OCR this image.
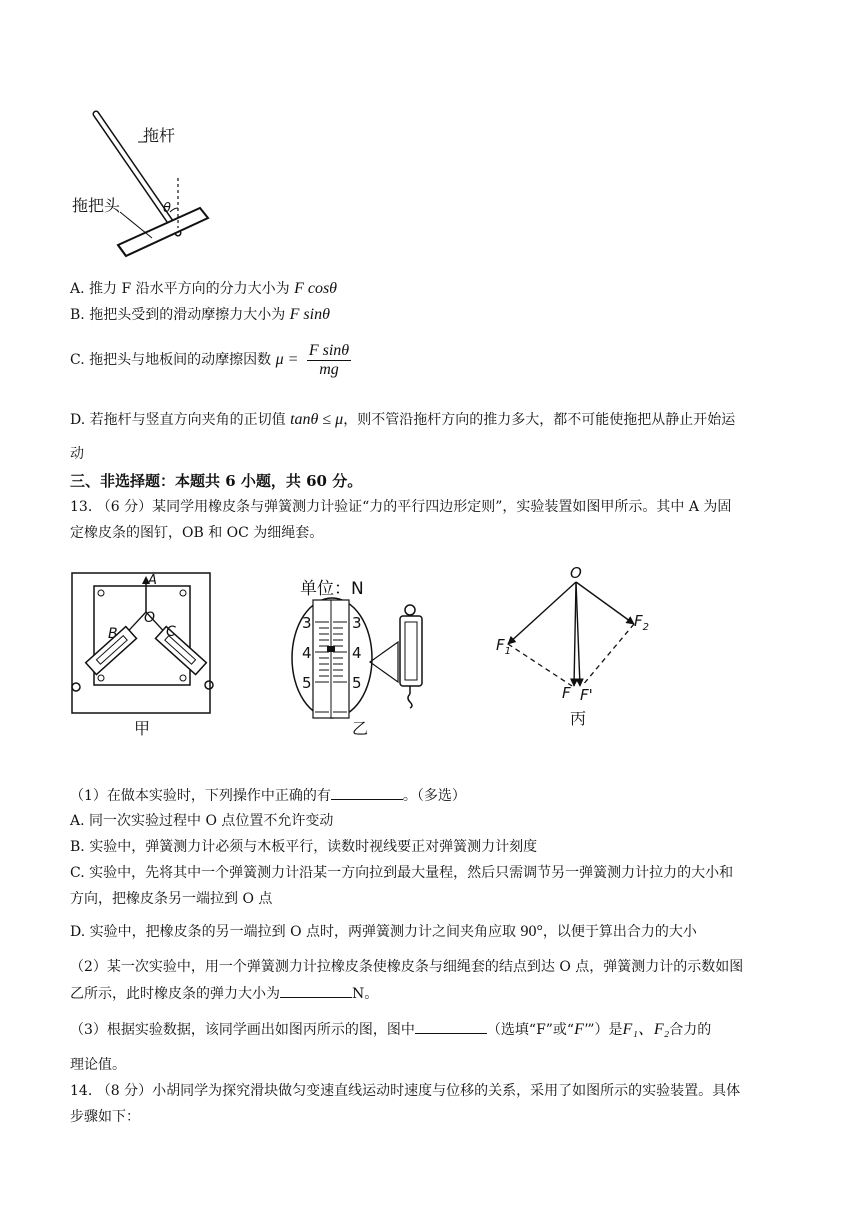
拖杆
拖把头	θ
A. 推力 F 沿水平方向的分力大小为 F cosθ
B. 拖把头受到的滑动摩擦力大小为 F sinθ
C. 拖把头与地板间的动摩擦因数 $\mu = \frac{\text{F sinθ}}{mg}$
D. 若拖杆与竖直方向夹角的正切值 tanθ ≤ μ，则不管沿拖杆方向的推力多大，都不可能使拖把从静止开始运
动
三、非选择题：本题共 6 小题，共 60 分。
13. （6 分）某同学用橡皮条与弹簧测力计验证“力的平行四边形定则”，实验装置如图甲所示。其中 A 为固
定橡皮条的图钉，OB 和 OC 为细绳套。
A
O
B	C
甲
单位：N
3
4
5
3
4
5
乙
O
$F_1$
$F_2$
F F'
丙
（1）在做本实验时，下列操作中正确的有	。（多选）
A. 同一次实验过程中 O 点位置不允许变动
B. 实验中，弹簧测力计必须与木板平行，读数时视线要正对弹簧测力计刻度
C. 实验中，先将其中一个弹簧测力计沿某一方向拉到最大量程，然后只需调节另一弹簧测力计拉力的大小和
方向，把橡皮条另一端拉到 O 点
D. 实验中，把橡皮条的另一端拉到 O 点时，两弹簧测力计之间夹角应取 90°，以便于算出合力的大小
（2）某一次实验中，用一个弹簧测力计拉橡皮条使橡皮条与细绳套的结点到达 O 点，弹簧测力计的示数如图
乙所示，此时橡皮条的弹力大小为	N。
（3）根据实验数据，该同学画出如图丙所示的图，图中	（选填“F”或“F′”）是F₁、F₂合力的
理论值。
14. （8 分）小胡同学为探究滑块做匀变速直线运动时速度与位移的关系，采用了如图所示的实验装置。具体
步骤如下：
